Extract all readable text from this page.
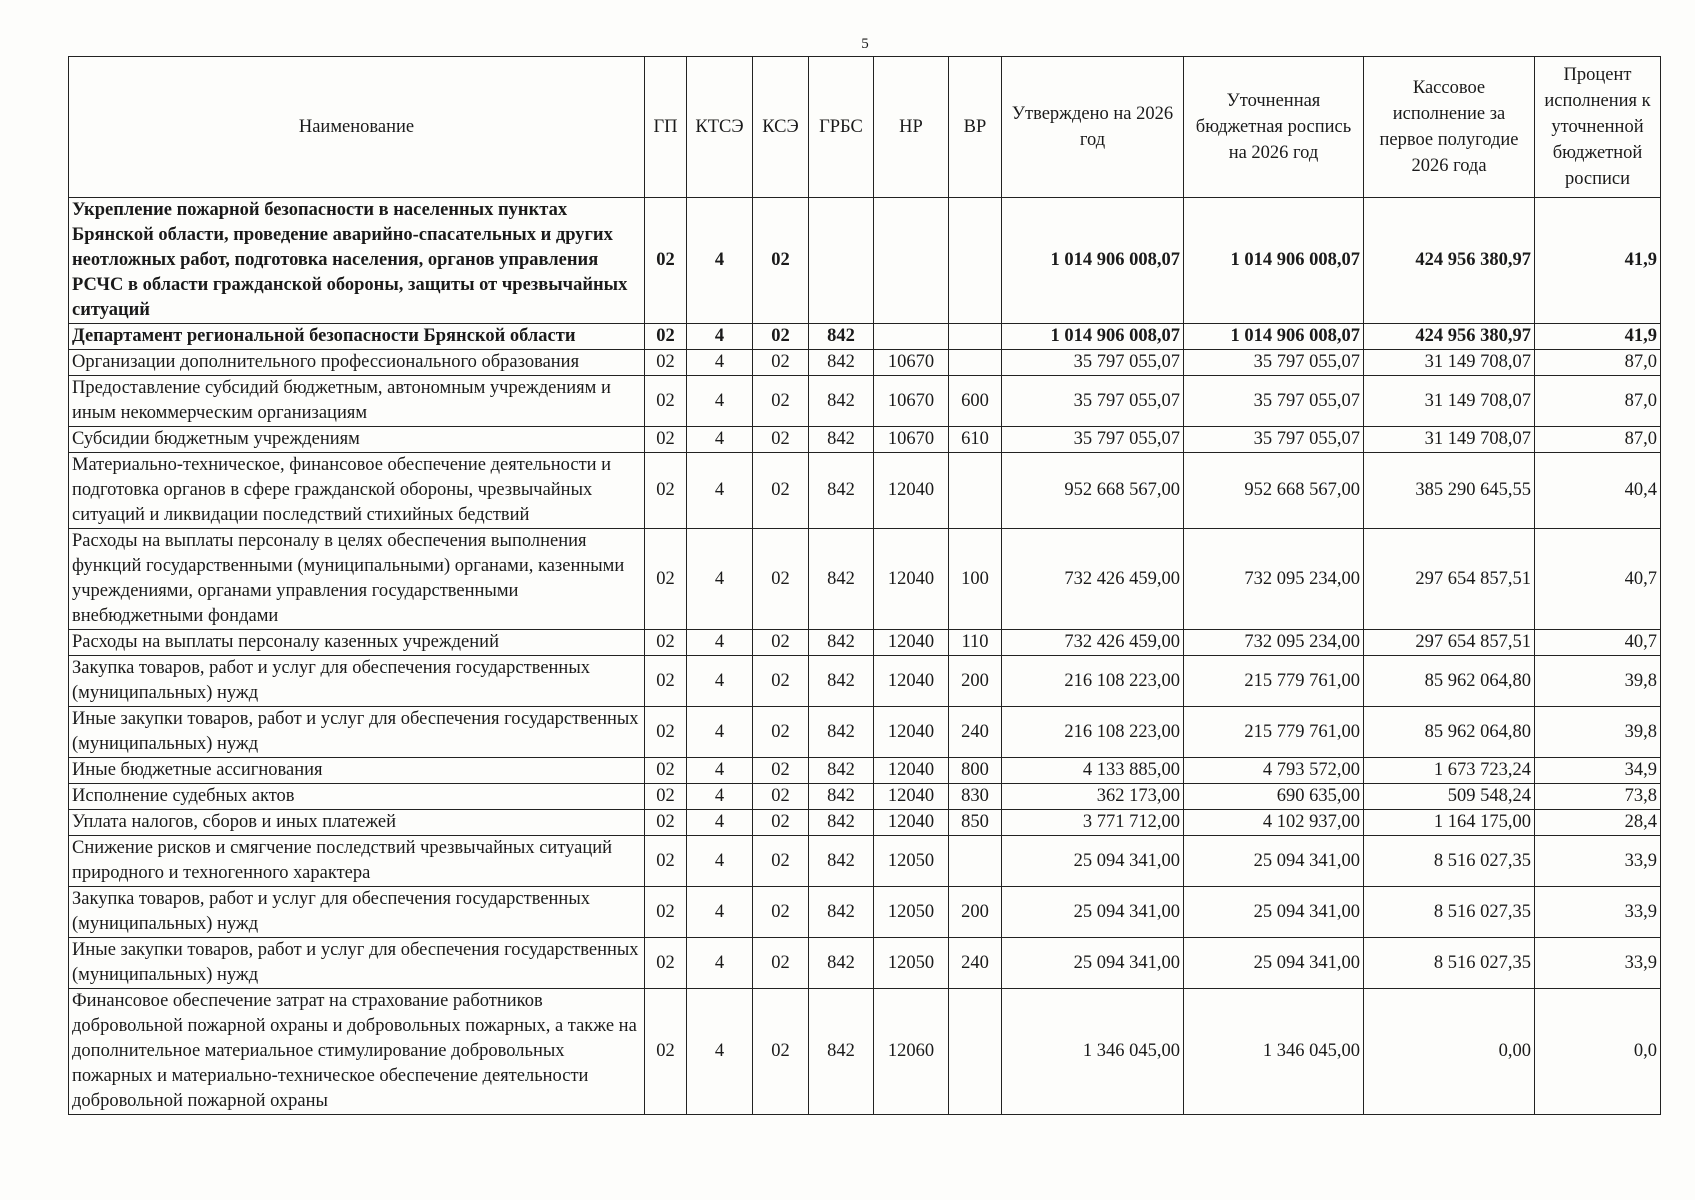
5
Наименование	ГП	КТСЭ	КСЭ	ГРБС	НР	ВР	Утверждено на 2026 год	Уточненная бюджетная роспись на 2026 год	Кассовое исполнение за первое полугодие 2026 года	Процент исполнения к уточненной бюджетной росписи
Укрепление пожарной безопасности в населенных пунктах Брянской области, проведение аварийно-спасательных и других неотложных работ, подготовка населения, органов управления РСЧС в области гражданской обороны, защиты от чрезвычайных ситуаций	02	4	02				1 014 906 008,07	1 014 906 008,07	424 956 380,97	41,9
Департамент региональной безопасности Брянской области	02	4	02	842			1 014 906 008,07	1 014 906 008,07	424 956 380,97	41,9
Организации дополнительного профессионального образования	02	4	02	842	10670		35 797 055,07	35 797 055,07	31 149 708,07	87,0
Предоставление субсидий бюджетным, автономным учреждениям и иным некоммерческим организациям	02	4	02	842	10670	600	35 797 055,07	35 797 055,07	31 149 708,07	87,0
Субсидии бюджетным учреждениям	02	4	02	842	10670	610	35 797 055,07	35 797 055,07	31 149 708,07	87,0
Материально-техническое, финансовое обеспечение деятельности и подготовка органов в сфере гражданской обороны, чрезвычайных ситуаций и ликвидации последствий стихийных бедствий	02	4	02	842	12040		952 668 567,00	952 668 567,00	385 290 645,55	40,4
Расходы на выплаты персоналу в целях обеспечения выполнения функций государственными (муниципальными) органами, казенными учреждениями, органами управления государственными внебюджетными фондами	02	4	02	842	12040	100	732 426 459,00	732 095 234,00	297 654 857,51	40,7
Расходы на выплаты персоналу казенных учреждений	02	4	02	842	12040	110	732 426 459,00	732 095 234,00	297 654 857,51	40,7
Закупка товаров, работ и услуг для обеспечения государственных (муниципальных) нужд	02	4	02	842	12040	200	216 108 223,00	215 779 761,00	85 962 064,80	39,8
Иные закупки товаров, работ и услуг для обеспечения государственных (муниципальных) нужд	02	4	02	842	12040	240	216 108 223,00	215 779 761,00	85 962 064,80	39,8
Иные бюджетные ассигнования	02	4	02	842	12040	800	4 133 885,00	4 793 572,00	1 673 723,24	34,9
Исполнение судебных актов	02	4	02	842	12040	830	362 173,00	690 635,00	509 548,24	73,8
Уплата налогов, сборов и иных платежей	02	4	02	842	12040	850	3 771 712,00	4 102 937,00	1 164 175,00	28,4
Снижение рисков и смягчение последствий чрезвычайных ситуаций природного и техногенного характера	02	4	02	842	12050		25 094 341,00	25 094 341,00	8 516 027,35	33,9
Закупка товаров, работ и услуг для обеспечения государственных (муниципальных) нужд	02	4	02	842	12050	200	25 094 341,00	25 094 341,00	8 516 027,35	33,9
Иные закупки товаров, работ и услуг для обеспечения государственных (муниципальных) нужд	02	4	02	842	12050	240	25 094 341,00	25 094 341,00	8 516 027,35	33,9
Финансовое обеспечение затрат на страхование работников добровольной пожарной охраны и добровольных пожарных, а также на дополнительное материальное стимулирование добровольных пожарных и материально-техническое обеспечение деятельности добровольной пожарной охраны	02	4	02	842	12060		1 346 045,00	1 346 045,00	0,00	0,0
